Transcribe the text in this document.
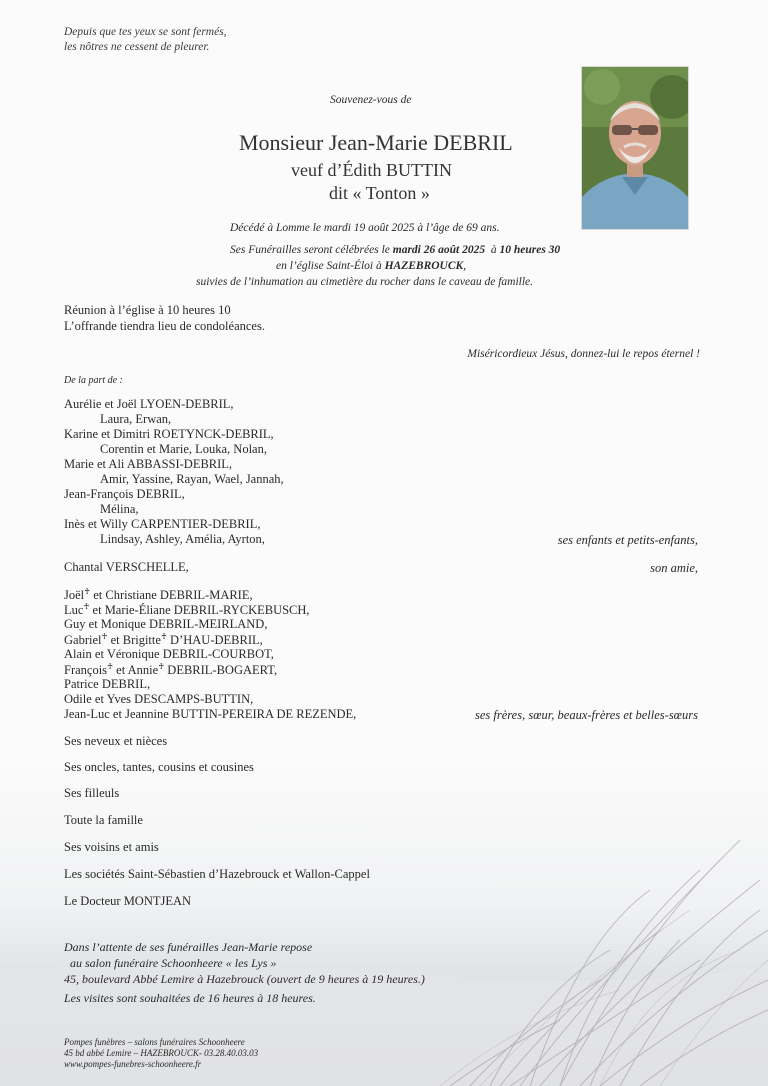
Depuis que tes yeux se sont fermés,
les nôtres ne cessent de pleurer.
Souvenez-vous de
Monsieur Jean-Marie DEBRIL
veuf d’Édith BUTTIN
dit « Tonton »
Décédé à Lomme le mardi 19 août 2025 à l’âge de 69 ans.
Ses Funérailles seront célébrées le mardi 26 août 2025  à 10 heures 30
en l’église Saint-Éloi à HAZEBROUCK,
suivies de l’inhumation au cimetière du rocher dans le caveau de famille.
Réunion à l’église à 10 heures 10
L’offrande tiendra lieu de condoléances.
Miséricordieux Jésus, donnez-lui le repos éternel !
De la part de :
Aurélie et Joël LYOEN-DEBRIL,
Laura, Erwan,
Karine et Dimitri ROETYNCK-DEBRIL,
Corentin et Marie, Louka, Nolan,
Marie et Ali ABBASSI-DEBRIL,
Amir, Yassine, Rayan, Wael, Jannah,
Jean-François DEBRIL,
Mélina,
Inès et Willy CARPENTIER-DEBRIL,
Lindsay, Ashley, Amélia, Ayrton,	ses enfants et petits-enfants,
Chantal VERSCHELLE,	son amie,
Joël♰ et Christiane DEBRIL-MARIE,
Luc♰ et Marie-Éliane DEBRIL-RYCKEBUSCH,
Guy et Monique DEBRIL-MEIRLAND,
Gabriel♰ et Brigitte♰ D’HAU-DEBRIL,
Alain et Véronique DEBRIL-COURBOT,
François♰ et Annie♰ DEBRIL-BOGAERT,
Patrice DEBRIL,
Odile et Yves DESCAMPS-BUTTIN,
Jean-Luc et Jeannine BUTTIN-PEREIRA DE REZENDE,	ses frères, sœur, beaux-frères et belles-sœurs
Ses neveux et nièces
Ses oncles, tantes, cousins et cousines
Ses filleuls
Toute la famille
Ses voisins et amis
Les sociétés Saint-Sébastien d’Hazebrouck et Wallon-Cappel
Le Docteur MONTJEAN
Dans l’attente de ses funérailles Jean-Marie repose
au salon funéraire Schoonheere « les Lys »
45, boulevard Abbé Lemire à Hazebrouck (ouvert de 9 heures à 19 heures.)
Les visites sont souhaitées de 16 heures à 18 heures.
Pompes funèbres – salons funéraires Schoonheere
45 bd abbé Lemire – HAZEBROUCK- 03.28.40.03.03
www.pompes-funebres-schoonheere.fr
